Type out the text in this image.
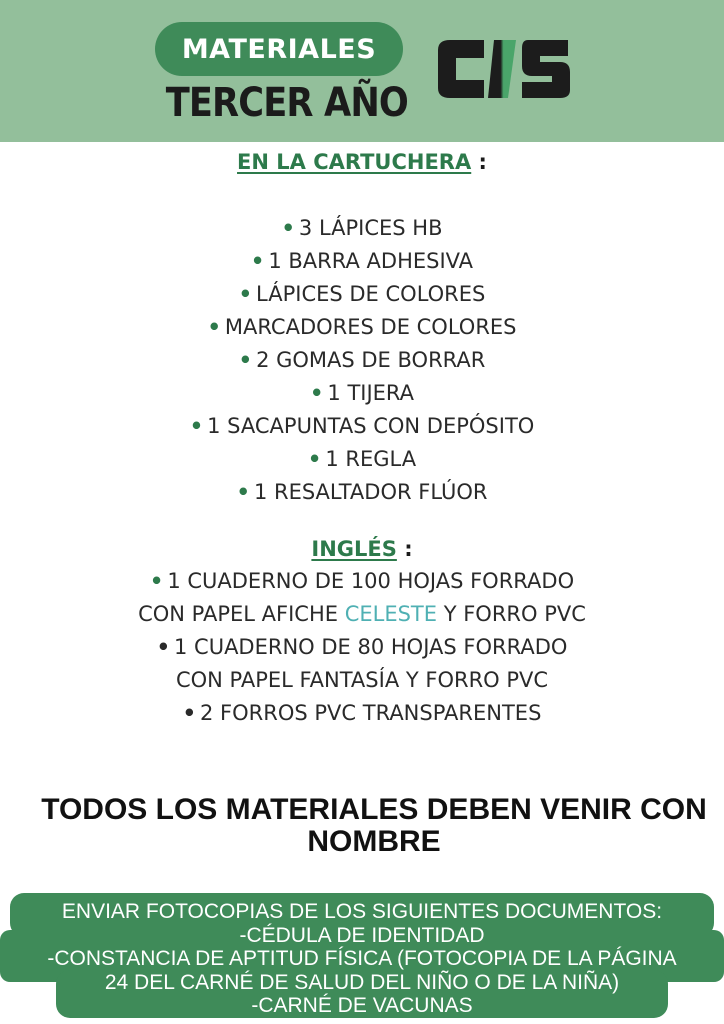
MATERIALES
TERCER AÑO
EN LA CARTUCHERA :
• 3 LÁPICES HB
• 1 BARRA ADHESIVA
• LÁPICES DE COLORES
• MARCADORES DE COLORES
• 2 GOMAS DE BORRAR
• 1 TIJERA
• 1 SACAPUNTAS CON DEPÓSITO
• 1 REGLA
• 1 RESALTADOR FLÚOR
INGLÉS :
• 1 CUADERNO DE 100 HOJAS FORRADO
CON PAPEL AFICHE CELESTE Y FORRO PVC
• 1 CUADERNO DE 80 HOJAS FORRADO
CON PAPEL FANTASÍA Y FORRO PVC
• 2 FORROS PVC TRANSPARENTES
TODOS LOS MATERIALES DEBEN VENIR CON
NOMBRE
ENVIAR FOTOCOPIAS DE LOS SIGUIENTES DOCUMENTOS:
-CÉDULA DE IDENTIDAD
-CONSTANCIA DE APTITUD FÍSICA (FOTOCOPIA DE LA PÁGINA
24 DEL CARNÉ DE SALUD DEL NIÑO O DE LA NIÑA)
-CARNÉ DE VACUNAS
